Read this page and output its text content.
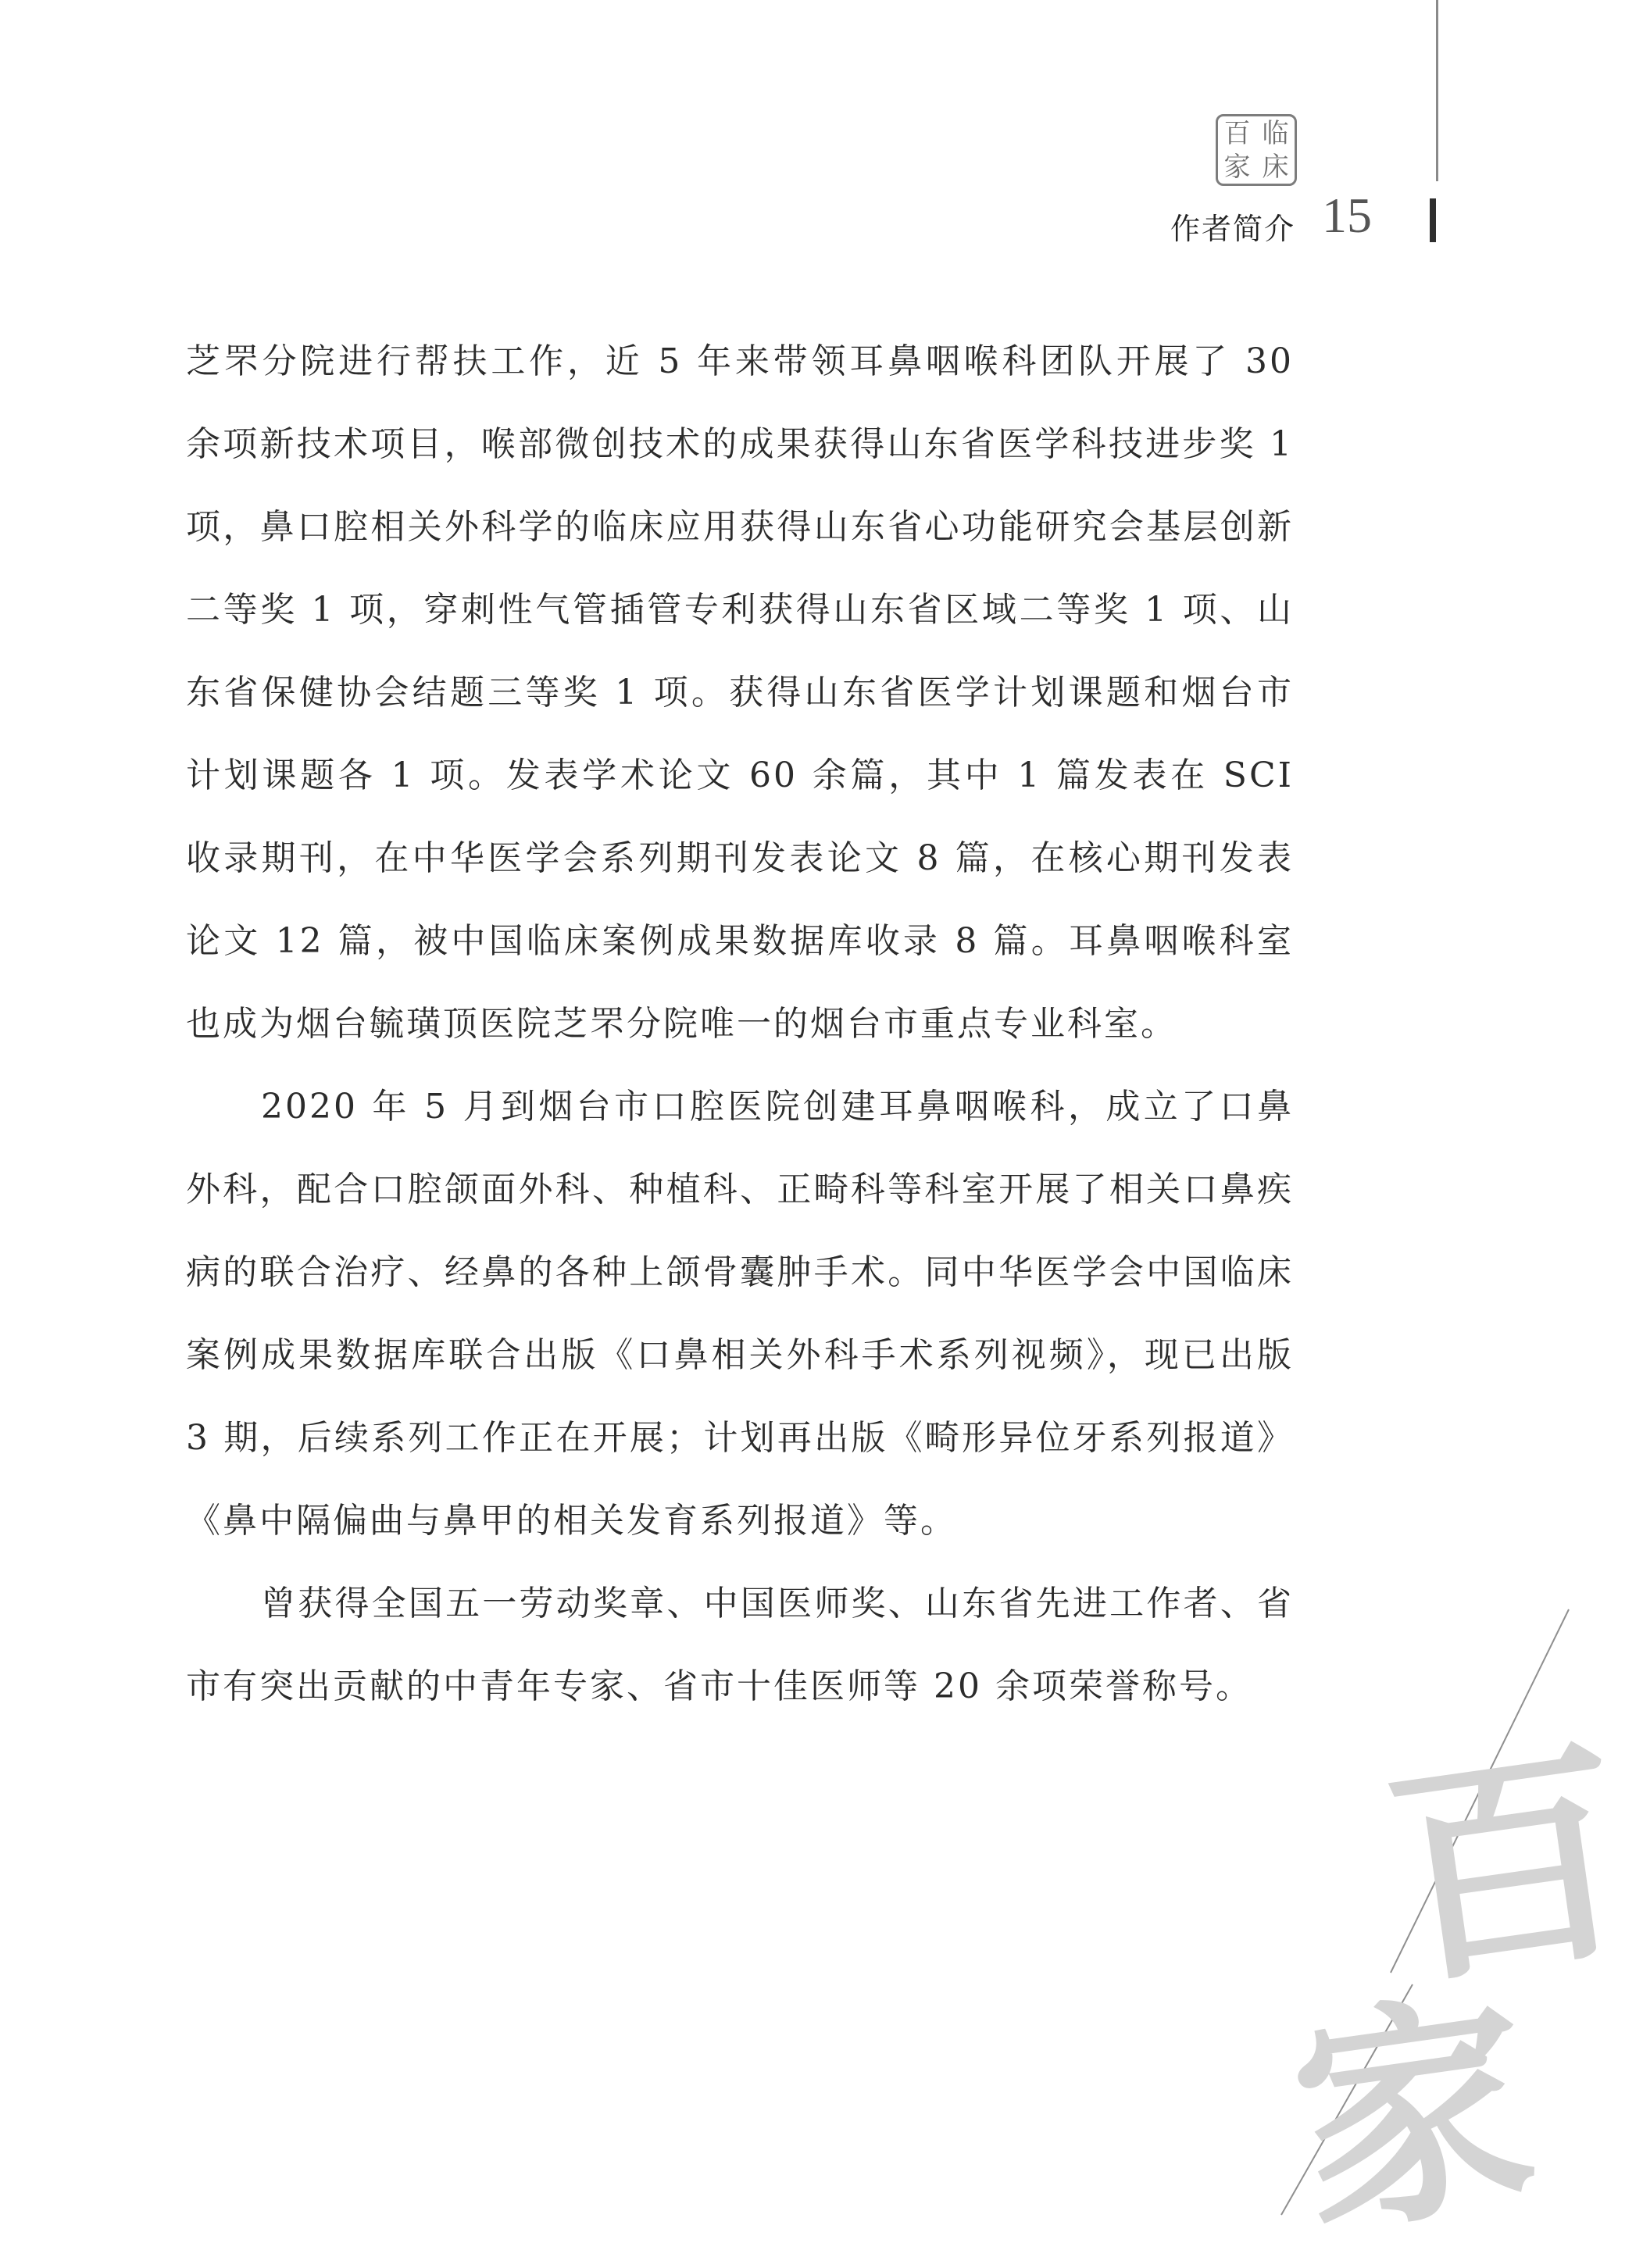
百 临
家 床
作者简介 15

芝罘分院进行帮扶工作，近 5 年来带领耳鼻咽喉科团队开展了 30 余项新技术项目，喉部微创技术的成果获得山东省医学科技进步奖 1 项，鼻口腔相关外科学的临床应用获得山东省心功能研究会基层创新二等奖 1 项，穿刺性气管插管专利获得山东省区域二等奖 1 项、山东省保健协会结题三等奖 1 项。获得山东省医学计划课题和烟台市计划课题各 1 项。发表学术论文 60 余篇，其中 1 篇发表在 SCI 收录期刊，在中华医学会系列期刊发表论文 8 篇，在核心期刊发表论文 12 篇，被中国临床案例成果数据库收录 8 篇。耳鼻咽喉科室也成为烟台毓璜顶医院芝罘分院唯一的烟台市重点专业科室。

2020 年 5 月到烟台市口腔医院创建耳鼻咽喉科，成立了口鼻外科，配合口腔颌面外科、种植科、正畸科等科室开展了相关口鼻疾病的联合治疗、经鼻的各种上颌骨囊肿手术。同中华医学会中国临床案例成果数据库联合出版《口鼻相关外科手术系列视频》，现已出版 3 期，后续系列工作正在开展；计划再出版《畸形异位牙系列报道》《鼻中隔偏曲与鼻甲的相关发育系列报道》等。

曾获得全国五一劳动奖章、中国医师奖、山东省先进工作者、省市有突出贡献的中青年专家、省市十佳医师等 20 余项荣誉称号。

百
家
